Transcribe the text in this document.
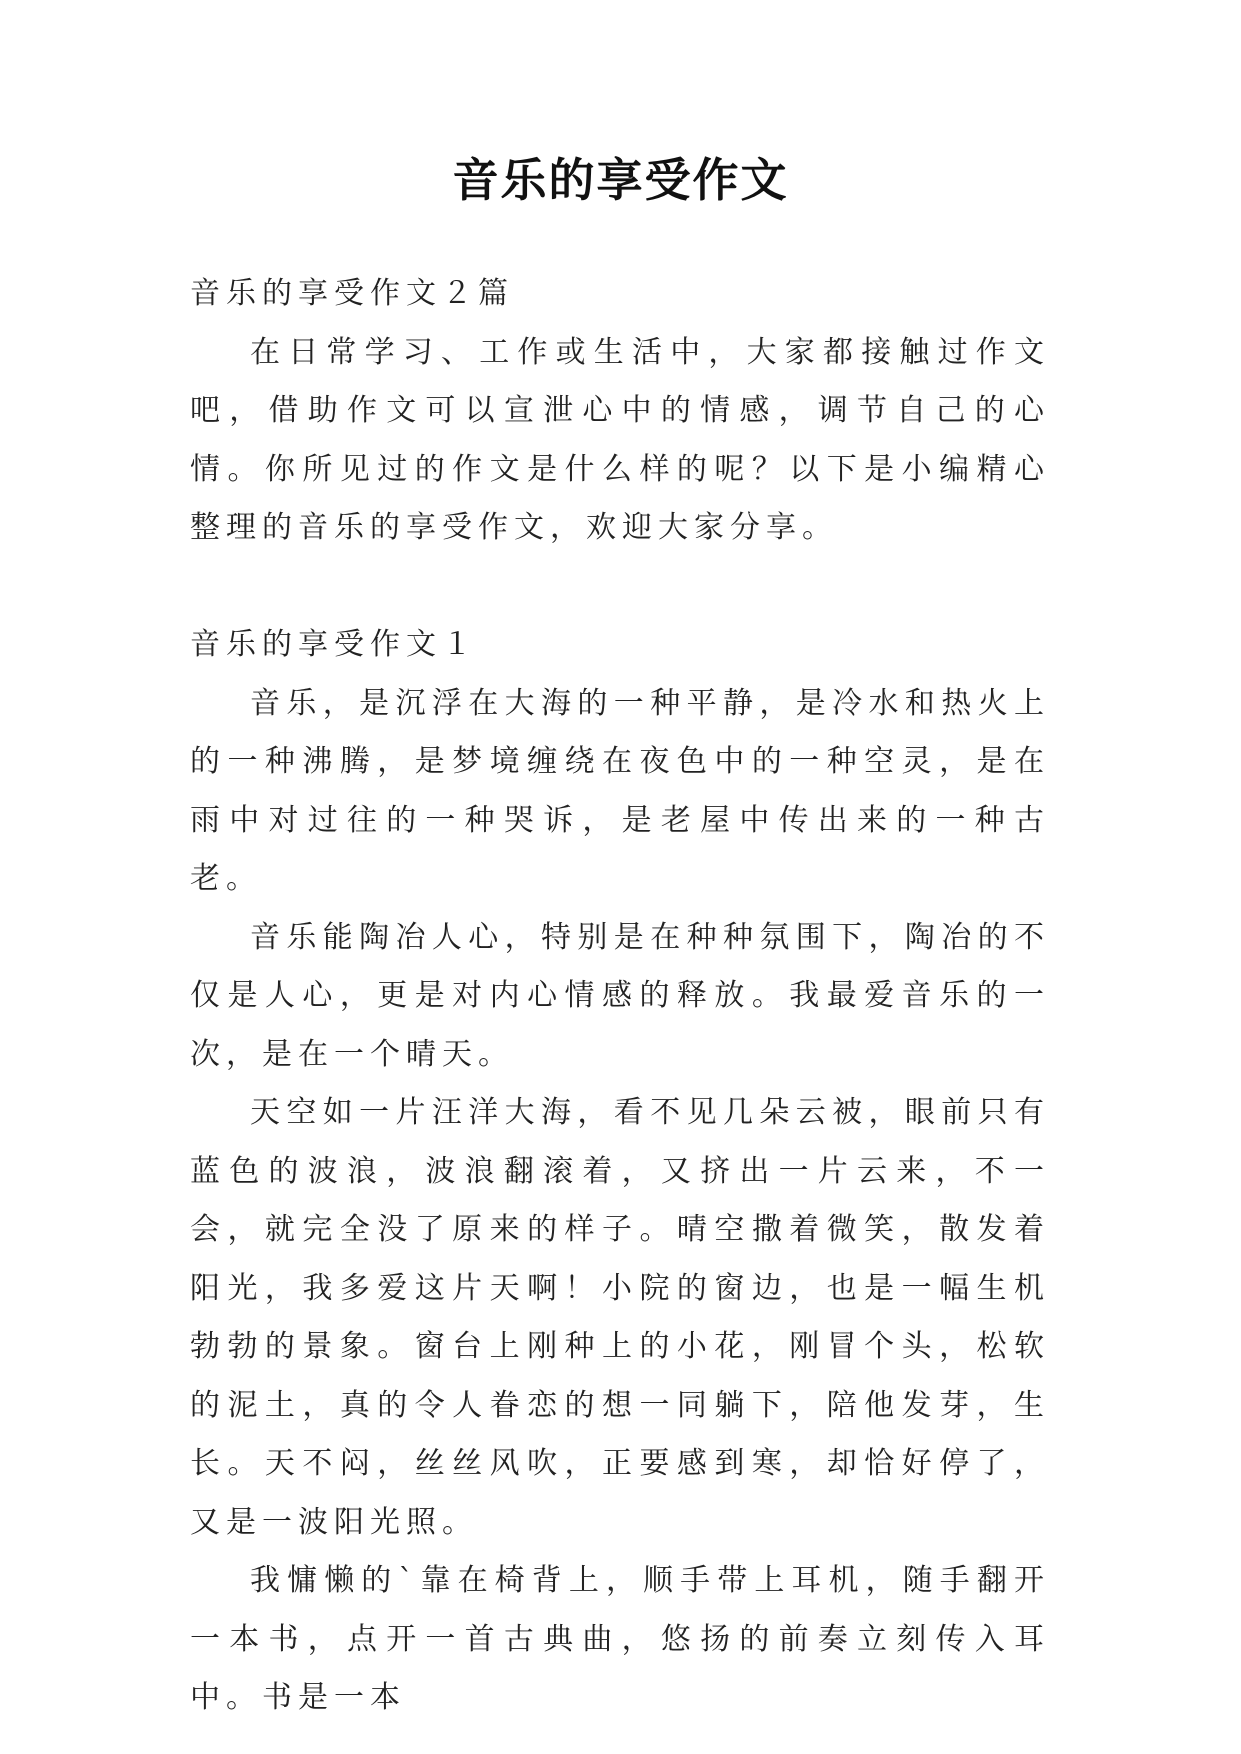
音乐的享受作文

音乐的享受作文２篇

在日常学习、工作或生活中，大家都接触过作文吧，借助作文可以宣泄心中的情感，调节自己的心情。你所见过的作文是什么样的呢？以下是小编精心整理的音乐的享受作文，欢迎大家分享。

音乐的享受作文１

音乐，是沉浮在大海的一种平静，是冷水和热火上的一种沸腾，是梦境缠绕在夜色中的一种空灵，是在雨中对过往的一种哭诉，是老屋中传出来的一种古老。

音乐能陶冶人心，特别是在种种氛围下，陶冶的不仅是人心，更是对内心情感的释放。我最爱音乐的一次，是在一个晴天。

天空如一片汪洋大海，看不见几朵云被，眼前只有蓝色的波浪，波浪翻滚着，又挤出一片云来，不一会，就完全没了原来的样子。晴空撒着微笑，散发着阳光，我多爱这片天啊！小院的窗边，也是一幅生机勃勃的景象。窗台上刚种上的小花，刚冒个头，松软的泥土，真的令人眷恋的想一同躺下，陪他发芽，生长。天不闷，丝丝风吹，正要感到寒，却恰好停了，又是一波阳光照。

我慵懒的`靠在椅背上，顺手带上耳机，随手翻开一本书，点开一首古典曲，悠扬的前奏立刻传入耳中。书是一本
